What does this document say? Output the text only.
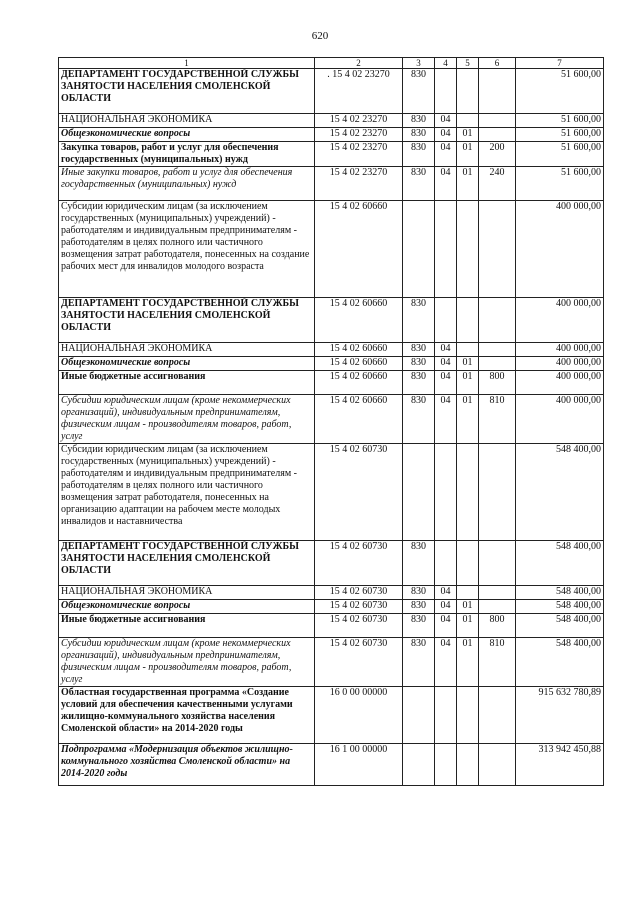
620
1	2	3	4	5	6	7
ДЕПАРТАМЕНТ ГОСУДАРСТВЕННОЙ СЛУЖБЫ ЗАНЯТОСТИ НАСЕЛЕНИЯ СМОЛЕНСКОЙ ОБЛАСТИ	. 15 4 02 23270	830				51 600,00
НАЦИОНАЛЬНАЯ ЭКОНОМИКА	15 4 02 23270	830	04			51 600,00
Общеэкономические вопросы	15 4 02 23270	830	04	01		51 600,00
Закупка товаров, работ и услуг для обеспечения государственных (муниципальных) нужд	15 4 02 23270	830	04	01	200	51 600,00
Иные закупки товаров, работ и услуг для обеспечения государственных (муниципальных) нужд	15 4 02 23270	830	04	01	240	51 600,00
Субсидии юридическим лицам (за исключением государственных (муниципальных) учреждений) - работодателям и индивидуальным предпринимателям - работодателям в целях полного или частичного возмещения затрат работодателя, понесенных на создание рабочих мест для инвалидов молодого возраста	15 4 02 60660					400 000,00
ДЕПАРТАМЕНТ ГОСУДАРСТВЕННОЙ СЛУЖБЫ ЗАНЯТОСТИ НАСЕЛЕНИЯ СМОЛЕНСКОЙ ОБЛАСТИ	15 4 02 60660	830				400 000,00
НАЦИОНАЛЬНАЯ ЭКОНОМИКА	15 4 02 60660	830	04			400 000,00
Общеэкономические вопросы	15 4 02 60660	830	04	01		400 000,00
Иные бюджетные ассигнования	15 4 02 60660	830	04	01	800	400 000,00
Субсидии юридическим лицам (кроме некоммерческих организаций), индивидуальным предпринимателям, физическим лицам - производителям товаров, работ, услуг	15 4 02 60660	830	04	01	810	400 000,00
Субсидии юридическим лицам (за исключением государственных (муниципальных) учреждений) - работодателям и индивидуальным предпринимателям - работодателям в целях полного или частичного возмещения затрат работодателя, понесенных на организацию адаптации на рабочем месте молодых инвалидов и наставничества	15 4 02 60730					548 400,00
ДЕПАРТАМЕНТ ГОСУДАРСТВЕННОЙ СЛУЖБЫ ЗАНЯТОСТИ НАСЕЛЕНИЯ СМОЛЕНСКОЙ ОБЛАСТИ	15 4 02 60730	830				548 400,00
НАЦИОНАЛЬНАЯ ЭКОНОМИКА	15 4 02 60730	830	04			548 400,00
Общеэкономические вопросы	15 4 02 60730	830	04	01		548 400,00
Иные бюджетные ассигнования	15 4 02 60730	830	04	01	800	548 400,00
Субсидии юридическим лицам (кроме некоммерческих организаций), индивидуальным предпринимателям, физическим лицам - производителям товаров, работ, услуг	15 4 02 60730	830	04	01	810	548 400,00
Областная государственная программа «Создание условий для обеспечения качественными услугами жилищно-коммунального хозяйства населения Смоленской области» на 2014-2020 годы	16 0 00 00000					915 632 780,89
Подпрограмма «Модернизация объектов жилищно-коммунального хозяйства Смоленской области» на 2014-2020 годы	16 1 00 00000					313 942 450,88
